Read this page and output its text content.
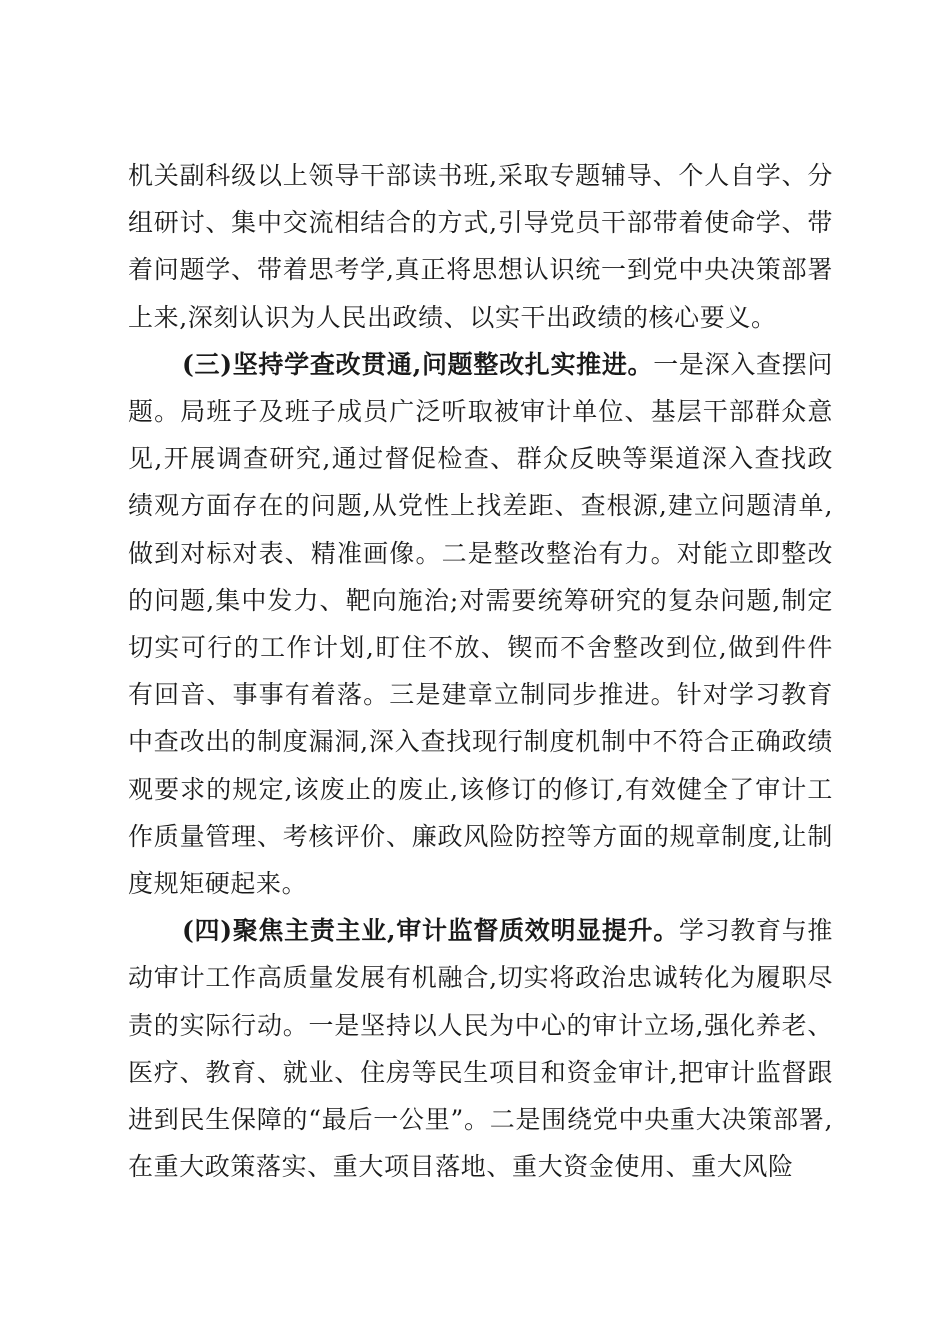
机关副科级以上领导干部读书班,采取专题辅导、个人自学、分组研讨、集中交流相结合的方式,引导党员干部带着使命学、带着问题学、带着思考学,真正将思想认识统一到党中央决策部署上来,深刻认识为人民出政绩、以实干出政绩的核心要义。

(三)坚持学查改贯通,问题整改扎实推进。一是深入查摆问题。局班子及班子成员广泛听取被审计单位、基层干部群众意见,开展调查研究,通过督促检查、群众反映等渠道深入查找政绩观方面存在的问题,从党性上找差距、查根源,建立问题清单,做到对标对表、精准画像。二是整改整治有力。对能立即整改的问题,集中发力、靶向施治;对需要统筹研究的复杂问题,制定切实可行的工作计划,盯住不放、锲而不舍整改到位,做到件件有回音、事事有着落。三是建章立制同步推进。针对学习教育中查改出的制度漏洞,深入查找现行制度机制中不符合正确政绩观要求的规定,该废止的废止,该修订的修订,有效健全了审计工作质量管理、考核评价、廉政风险防控等方面的规章制度,让制度规矩硬起来。

(四)聚焦主责主业,审计监督质效明显提升。学习教育与推动审计工作高质量发展有机融合,切实将政治忠诚转化为履职尽责的实际行动。一是坚持以人民为中心的审计立场,强化养老、医疗、教育、就业、住房等民生项目和资金审计,把审计监督跟进到民生保障的“最后一公里”。二是围绕党中央重大决策部署,在重大政策落实、重大项目落地、重大资金使用、重大风险
